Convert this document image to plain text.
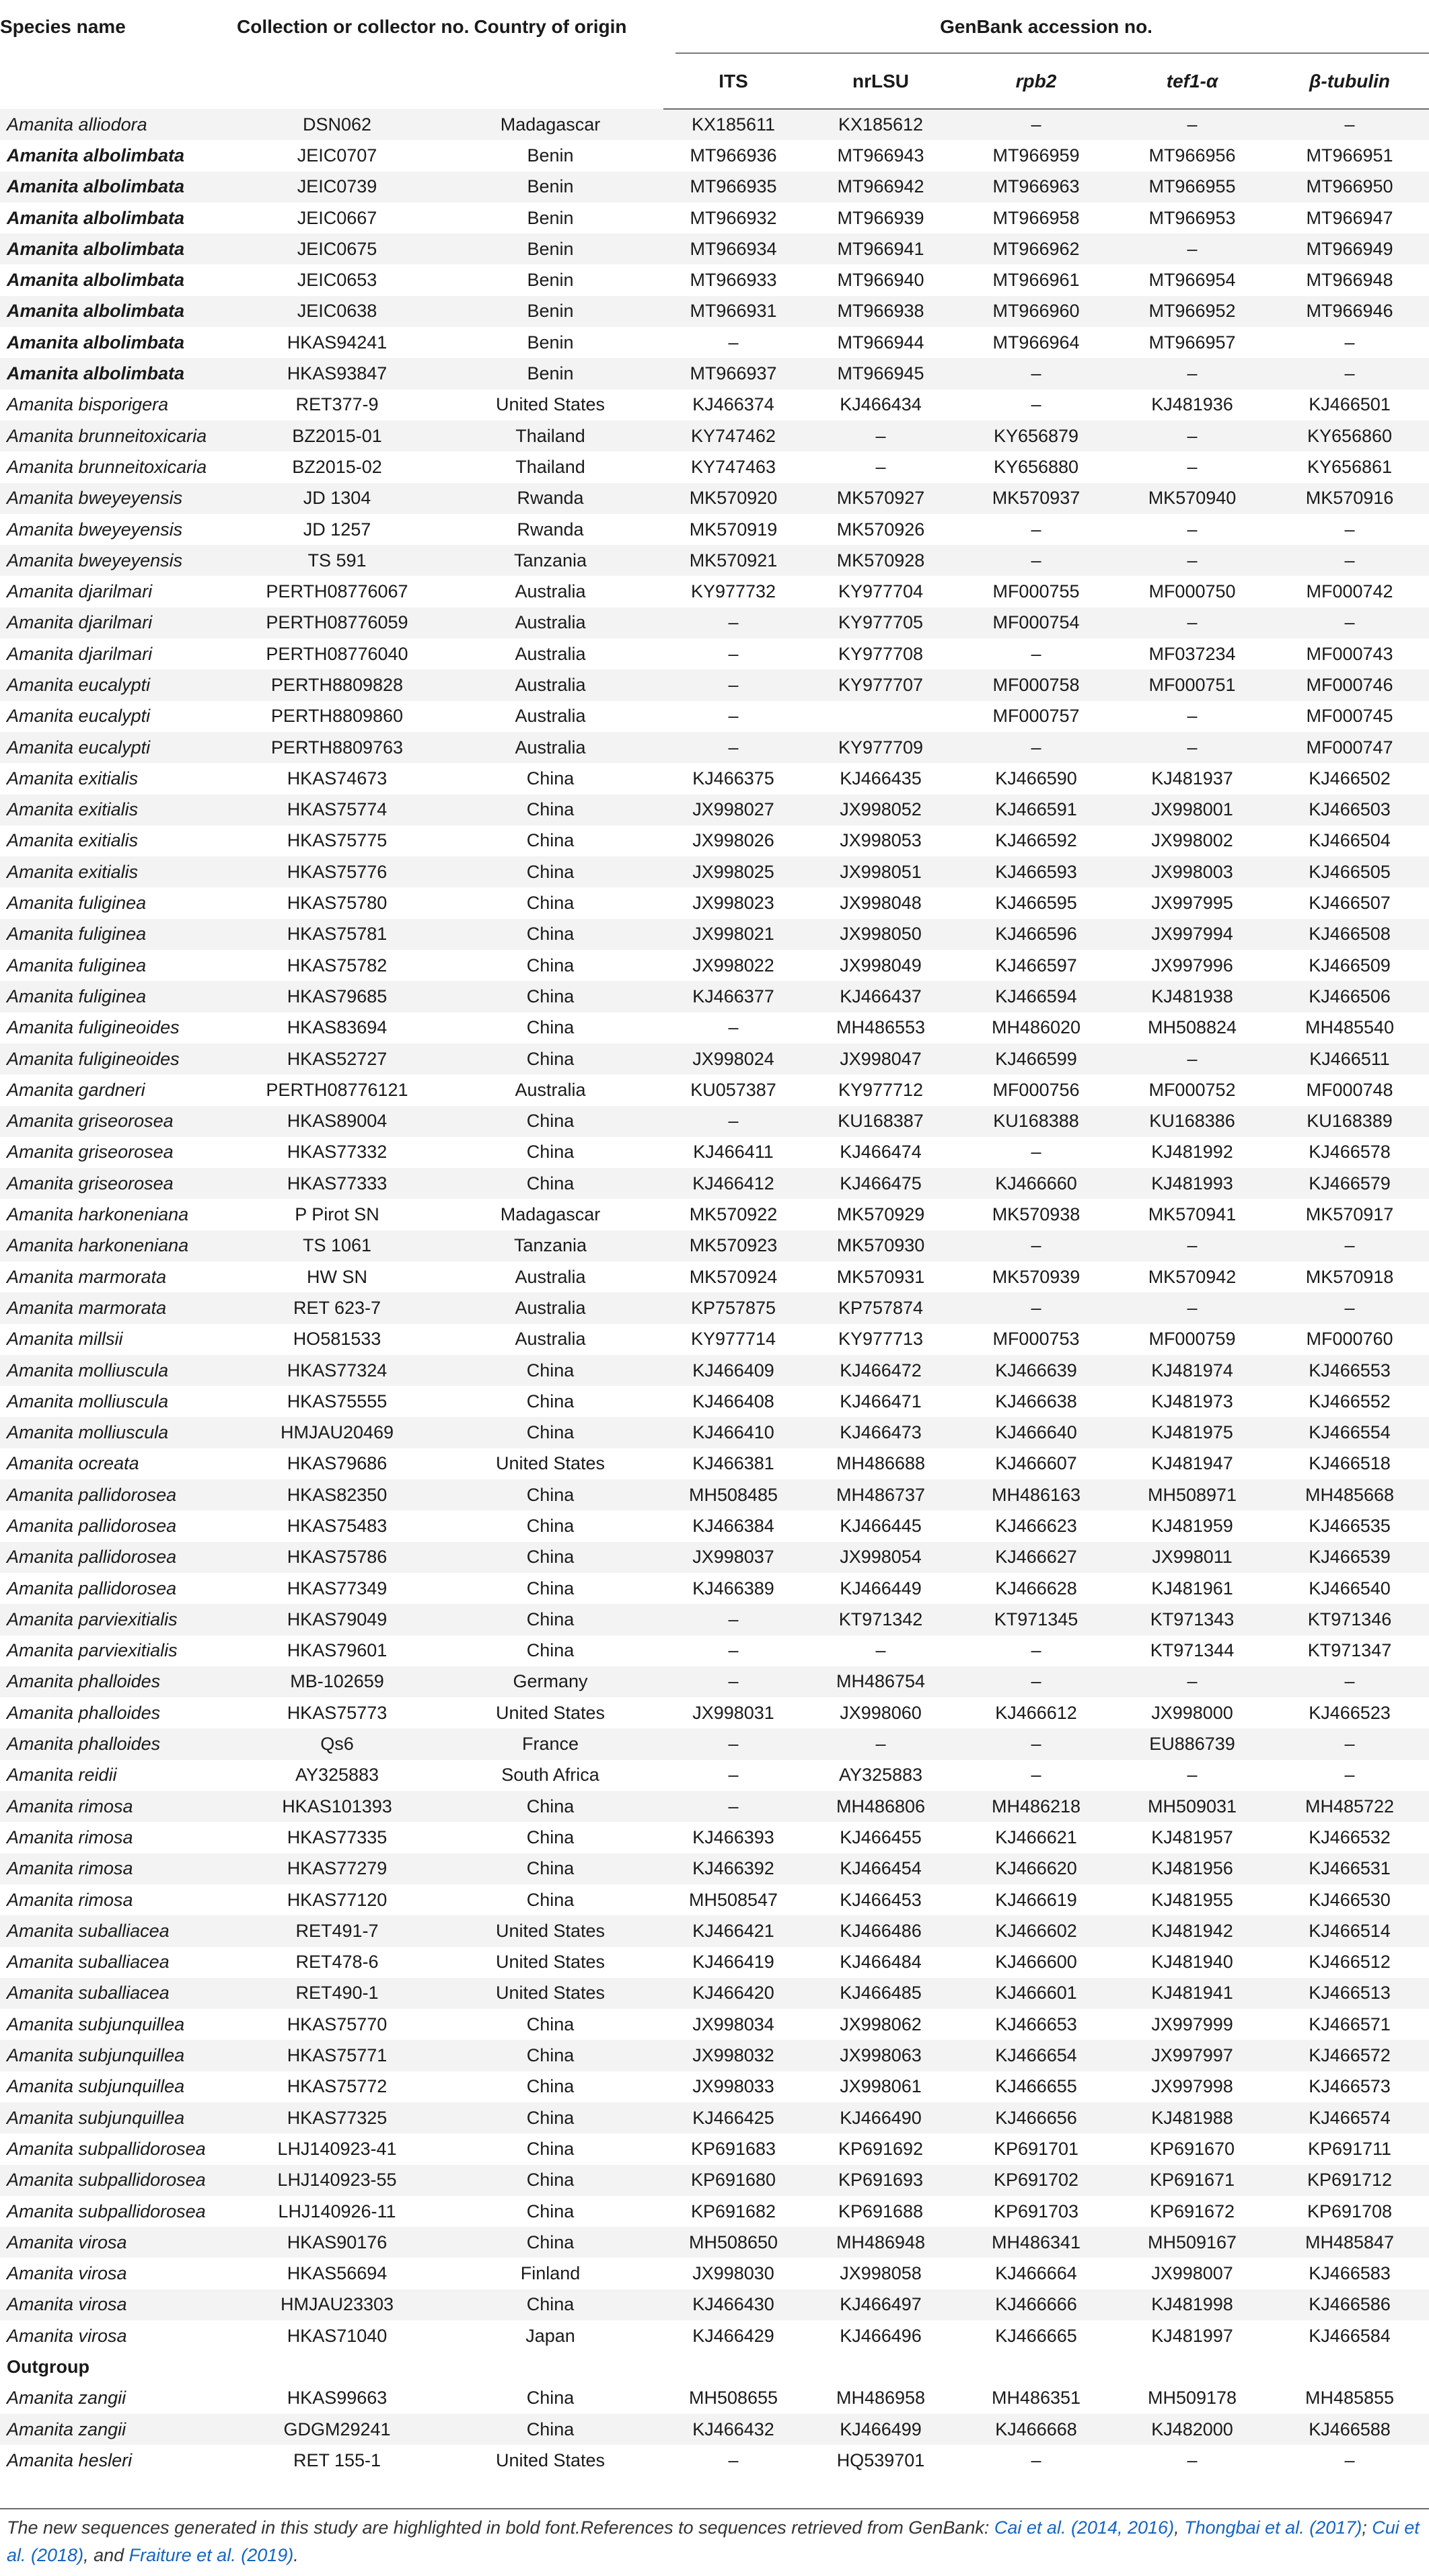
Species name	Collection or collector no.	Country of origin	GenBank accession no.				

			ITS	nrLSU	rpb2	tef1-α	β-tubulin
Amanita alliodora	DSN062	Madagascar	KX185611	KX185612	–	–	–
Amanita albolimbata	JEIC0707	Benin	MT966936	MT966943	MT966959	MT966956	MT966951
Amanita albolimbata	JEIC0739	Benin	MT966935	MT966942	MT966963	MT966955	MT966950
Amanita albolimbata	JEIC0667	Benin	MT966932	MT966939	MT966958	MT966953	MT966947
Amanita albolimbata	JEIC0675	Benin	MT966934	MT966941	MT966962	–	MT966949
Amanita albolimbata	JEIC0653	Benin	MT966933	MT966940	MT966961	MT966954	MT966948
Amanita albolimbata	JEIC0638	Benin	MT966931	MT966938	MT966960	MT966952	MT966946
Amanita albolimbata	HKAS94241	Benin	–	MT966944	MT966964	MT966957	–
Amanita albolimbata	HKAS93847	Benin	MT966937	MT966945	–	–	–
Amanita bisporigera	RET377-9	United States	KJ466374	KJ466434	–	KJ481936	KJ466501
Amanita brunneitoxicaria	BZ2015-01	Thailand	KY747462	–	KY656879	–	KY656860
Amanita brunneitoxicaria	BZ2015-02	Thailand	KY747463	–	KY656880	–	KY656861
Amanita bweyeyensis	JD 1304	Rwanda	MK570920	MK570927	MK570937	MK570940	MK570916
Amanita bweyeyensis	JD 1257	Rwanda	MK570919	MK570926	–	–	–
Amanita bweyeyensis	TS 591	Tanzania	MK570921	MK570928	–	–	–
Amanita djarilmari	PERTH08776067	Australia	KY977732	KY977704	MF000755	MF000750	MF000742
Amanita djarilmari	PERTH08776059	Australia	–	KY977705	MF000754	–	–
Amanita djarilmari	PERTH08776040	Australia	–	KY977708	–	MF037234	MF000743
Amanita eucalypti	PERTH8809828	Australia	–	KY977707	MF000758	MF000751	MF000746
Amanita eucalypti	PERTH8809860	Australia	–		MF000757	–	MF000745
Amanita eucalypti	PERTH8809763	Australia	–	KY977709	–	–	MF000747
Amanita exitialis	HKAS74673	China	KJ466375	KJ466435	KJ466590	KJ481937	KJ466502
Amanita exitialis	HKAS75774	China	JX998027	JX998052	KJ466591	JX998001	KJ466503
Amanita exitialis	HKAS75775	China	JX998026	JX998053	KJ466592	JX998002	KJ466504
Amanita exitialis	HKAS75776	China	JX998025	JX998051	KJ466593	JX998003	KJ466505
Amanita fuliginea	HKAS75780	China	JX998023	JX998048	KJ466595	JX997995	KJ466507
Amanita fuliginea	HKAS75781	China	JX998021	JX998050	KJ466596	JX997994	KJ466508
Amanita fuliginea	HKAS75782	China	JX998022	JX998049	KJ466597	JX997996	KJ466509
Amanita fuliginea	HKAS79685	China	KJ466377	KJ466437	KJ466594	KJ481938	KJ466506
Amanita fuligineoides	HKAS83694	China	–	MH486553	MH486020	MH508824	MH485540
Amanita fuligineoides	HKAS52727	China	JX998024	JX998047	KJ466599	–	KJ466511
Amanita gardneri	PERTH08776121	Australia	KU057387	KY977712	MF000756	MF000752	MF000748
Amanita griseorosea	HKAS89004	China	–	KU168387	KU168388	KU168386	KU168389
Amanita griseorosea	HKAS77332	China	KJ466411	KJ466474	–	KJ481992	KJ466578
Amanita griseorosea	HKAS77333	China	KJ466412	KJ466475	KJ466660	KJ481993	KJ466579
Amanita harkoneniana	P Pirot SN	Madagascar	MK570922	MK570929	MK570938	MK570941	MK570917
Amanita harkoneniana	TS 1061	Tanzania	MK570923	MK570930	–	–	–
Amanita marmorata	HW SN	Australia	MK570924	MK570931	MK570939	MK570942	MK570918
Amanita marmorata	RET 623-7	Australia	KP757875	KP757874	–	–	–
Amanita millsii	HO581533	Australia	KY977714	KY977713	MF000753	MF000759	MF000760
Amanita molliuscula	HKAS77324	China	KJ466409	KJ466472	KJ466639	KJ481974	KJ466553
Amanita molliuscula	HKAS75555	China	KJ466408	KJ466471	KJ466638	KJ481973	KJ466552
Amanita molliuscula	HMJAU20469	China	KJ466410	KJ466473	KJ466640	KJ481975	KJ466554
Amanita ocreata	HKAS79686	United States	KJ466381	MH486688	KJ466607	KJ481947	KJ466518
Amanita pallidorosea	HKAS82350	China	MH508485	MH486737	MH486163	MH508971	MH485668
Amanita pallidorosea	HKAS75483	China	KJ466384	KJ466445	KJ466623	KJ481959	KJ466535
Amanita pallidorosea	HKAS75786	China	JX998037	JX998054	KJ466627	JX998011	KJ466539
Amanita pallidorosea	HKAS77349	China	KJ466389	KJ466449	KJ466628	KJ481961	KJ466540
Amanita parviexitialis	HKAS79049	China	–	KT971342	KT971345	KT971343	KT971346
Amanita parviexitialis	HKAS79601	China	–	–	–	KT971344	KT971347
Amanita phalloides	MB-102659	Germany	–	MH486754	–	–	–
Amanita phalloides	HKAS75773	United States	JX998031	JX998060	KJ466612	JX998000	KJ466523
Amanita phalloides	Qs6	France	–	–	–	EU886739	–
Amanita reidii	AY325883	South Africa	–	AY325883	–	–	–
Amanita rimosa	HKAS101393	China	–	MH486806	MH486218	MH509031	MH485722
Amanita rimosa	HKAS77335	China	KJ466393	KJ466455	KJ466621	KJ481957	KJ466532
Amanita rimosa	HKAS77279	China	KJ466392	KJ466454	KJ466620	KJ481956	KJ466531
Amanita rimosa	HKAS77120	China	MH508547	KJ466453	KJ466619	KJ481955	KJ466530
Amanita suballiacea	RET491-7	United States	KJ466421	KJ466486	KJ466602	KJ481942	KJ466514
Amanita suballiacea	RET478-6	United States	KJ466419	KJ466484	KJ466600	KJ481940	KJ466512
Amanita suballiacea	RET490-1	United States	KJ466420	KJ466485	KJ466601	KJ481941	KJ466513
Amanita subjunquillea	HKAS75770	China	JX998034	JX998062	KJ466653	JX997999	KJ466571
Amanita subjunquillea	HKAS75771	China	JX998032	JX998063	KJ466654	JX997997	KJ466572
Amanita subjunquillea	HKAS75772	China	JX998033	JX998061	KJ466655	JX997998	KJ466573
Amanita subjunquillea	HKAS77325	China	KJ466425	KJ466490	KJ466656	KJ481988	KJ466574
Amanita subpallidorosea	LHJ140923-41	China	KP691683	KP691692	KP691701	KP691670	KP691711
Amanita subpallidorosea	LHJ140923-55	China	KP691680	KP691693	KP691702	KP691671	KP691712
Amanita subpallidorosea	LHJ140926-11	China	KP691682	KP691688	KP691703	KP691672	KP691708
Amanita virosa	HKAS90176	China	MH508650	MH486948	MH486341	MH509167	MH485847
Amanita virosa	HKAS56694	Finland	JX998030	JX998058	KJ466664	JX998007	KJ466583
Amanita virosa	HMJAU23303	China	KJ466430	KJ466497	KJ466666	KJ481998	KJ466586
Amanita virosa	HKAS71040	Japan	KJ466429	KJ466496	KJ466665	KJ481997	KJ466584
Outgroup							
Amanita zangii	HKAS99663	China	MH508655	MH486958	MH486351	MH509178	MH485855
Amanita zangii	GDGM29241	China	KJ466432	KJ466499	KJ466668	KJ482000	KJ466588
Amanita hesleri	RET 155-1	United States	–	HQ539701	–	–	–
The new sequences generated in this study are highlighted in bold font.References to sequences retrieved from GenBank: Cai et al. (2014, 2016), Thongbai et al. (2017); Cui et al. (2018), and Fraiture et al. (2019).
